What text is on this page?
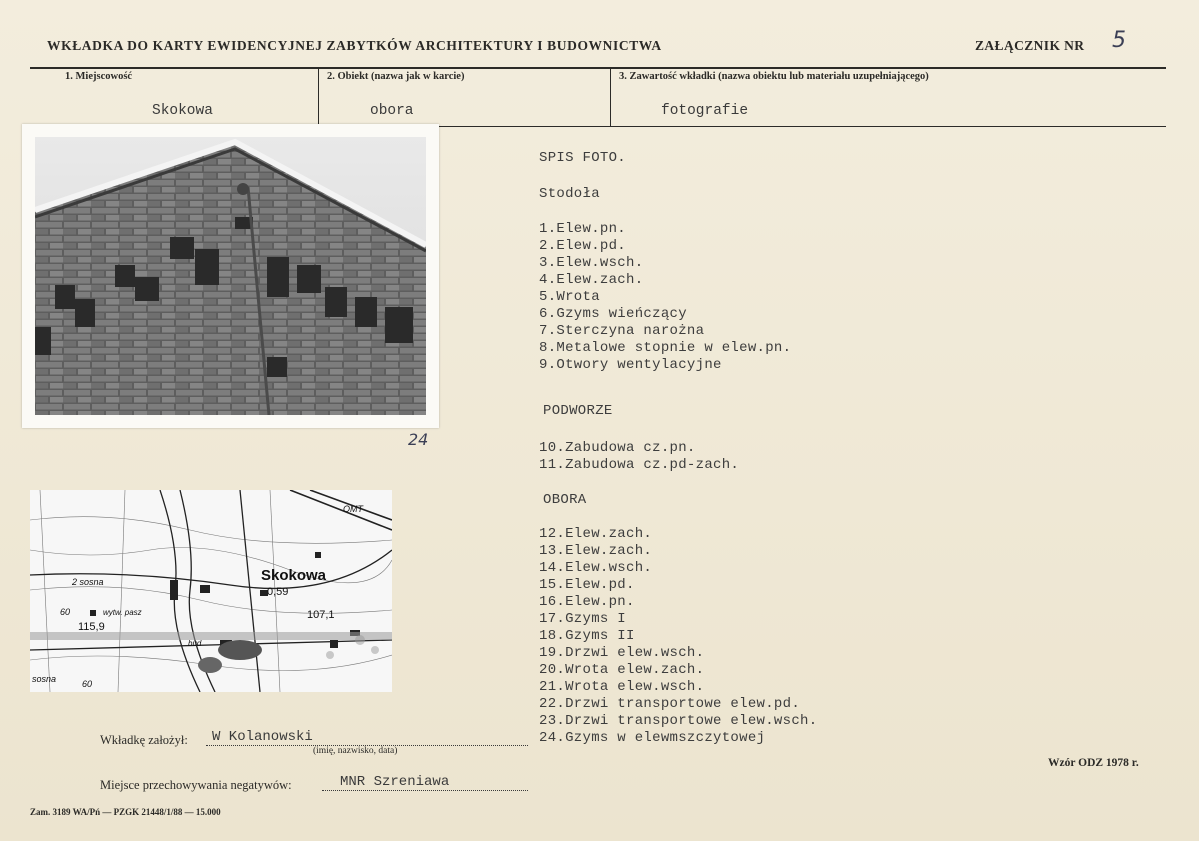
WKŁADKA DO KARTY EWIDENCYJNEJ ZABYTKÓW ARCHITEKTURY I BUDOWNICTWA	ZAŁĄCZNIK NR 5
1. Miejscowość	2. Obiekt (nazwa jak w karcie)	3. Zawartość wkładki (nazwa obiektu lub materiału uzupełniającego)
Skokowa	obora	fotografie
24
Skokowa
0,59
107,1
115,9
OMT
2 sosna
sosna
60
60
wytw. pasz
bud
SPIS FOTO.
Stodoła
1.Elew.pn.
2.Elew.pd.
3.Elew.wsch.
4.Elew.zach.
5.Wrota
6.Gzyms wieńczący
7.Sterczyna narożna
8.Metalowe stopnie w elew.pn.
9.Otwory wentylacyjne
PODWORZE
10.Zabudowa cz.pn.
11.Zabudowa cz.pd-zach.
OBORA
12.Elew.zach.
13.Elew.zach.
14.Elew.wsch.
15.Elew.pd.
16.Elew.pn.
17.Gzyms I
18.Gzyms II
19.Drzwi elew.wsch.
20.Wrota elew.zach.
21.Wrota elew.wsch.
22.Drzwi transportowe elew.pd.
23.Drzwi transportowe elew.wsch.
24.Gzyms w elewmszczytowej
Wkładkę założył: W Kolanowski
(imię, nazwisko, data)
Miejsce przechowywania negatywów:	MNR Szreniawa
Wzór ODZ 1978 r.
Zam. 3189 WA/Pń — PZGK 21448/1/88 — 15.000
